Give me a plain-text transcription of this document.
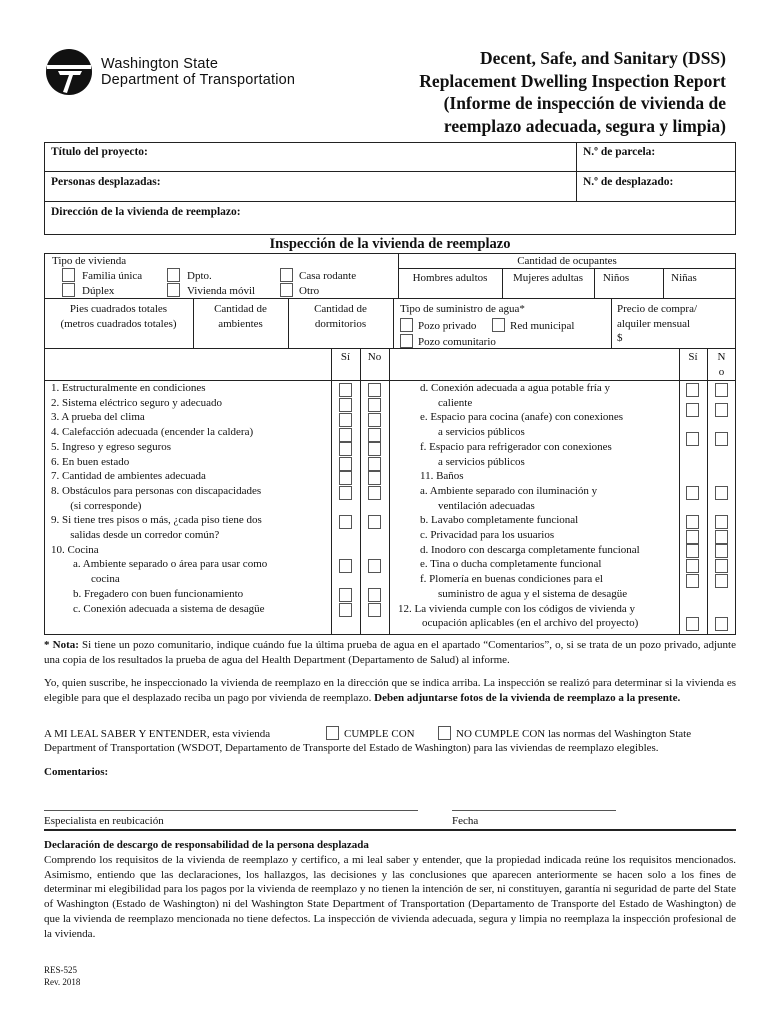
Washington State
Department of Transportation
Decent, Safe, and Sanitary (DSS)
Replacement Dwelling Inspection Report
(Informe de inspección de vivienda de
reemplazo adecuada, segura y limpia)
Título del proyecto:	N.º de parcela:
Personas desplazadas:	N.º de desplazado:
Dirección de la vivienda de reemplazo:
Inspección de la vivienda de reemplazo
Tipo de vivienda
Familia única	Dpto.	Casa rodante
Dúplex	Vivienda móvil	Otro
Cantidad de ocupantes
Hombres adultos	Mujeres adultas	Niños	Niñas
Pies cuadrados totales
(metros cuadrados totales)
Cantidad de
ambientes
Cantidad de
dormitorios
Tipo de suministro de agua*
Pozo privado	Red municipal
Pozo comunitario
Precio de compra/
alquiler mensual
$
Sí	No	Sí	N
o
1. Estructuralmente en condiciones
2. Sistema eléctrico seguro y adecuado
3. A prueba del clima
4. Calefacción adecuada (encender la caldera)
5. Ingreso y egreso seguros
6. En buen estado
7. Cantidad de ambientes adecuada
8. Obstáculos para personas con discapacidades
(si corresponde)
9. Si tiene tres pisos o más, ¿cada piso tiene dos
salidas desde un corredor común?
10. Cocina
a. Ambiente separado o área para usar como
cocina
b. Fregadero con buen funcionamiento
c. Conexión adecuada a sistema de desagüe
d. Conexión adecuada a agua potable fría y
caliente
e. Espacio para cocina (anafe) con conexiones
a servicios públicos
f. Espacio para refrigerador con conexiones
a servicios públicos
11. Baños
a. Ambiente separado con iluminación y
ventilación adecuadas
b. Lavabo completamente funcional
c. Privacidad para los usuarios
d. Inodoro con descarga completamente funcional
e. Tina o ducha completamente funcional
f. Plomería en buenas condiciones para el
suministro de agua y el sistema de desagüe
12. La vivienda cumple con los códigos de vivienda y
ocupación aplicables (en el archivo del proyecto)
* Nota: Si tiene un pozo comunitario, indique cuándo fue la última prueba de agua en el apartado “Comentarios”, o, si se trata de un pozo privado, adjunte una copia de los resultados la prueba de agua del Health Department (Departamento de Salud) al informe.
Yo, quien suscribe, he inspeccionado la vivienda de reemplazo en la dirección que se indica arriba. La inspección se realizó para determinar si la vivienda es elegible para que el desplazado reciba un pago por vivienda de reemplazo. Deben adjuntarse fotos de la vivienda de reemplazo a la presente.
A MI LEAL SABER Y ENTENDER, esta vivienda	CUMPLE CON	NO CUMPLE CON las normas del Washington State
Department of Transportation (WSDOT, Departamento de Transporte del Estado de Washington) para las viviendas de reemplazo elegibles.
Comentarios:
Especialista en reubicación	Fecha
Declaración de descargo de responsabilidad de la persona desplazada
Comprendo los requisitos de la vivienda de reemplazo y certifico, a mi leal saber y entender, que la propiedad indicada reúne los requisitos mencionados. Asimismo, entiendo que las declaraciones, los hallazgos, las decisiones y las conclusiones que aparecen anteriormente se hacen solo a los fines de determinar mi elegibilidad para los pagos por la vivienda de reemplazo y no tienen la intención de ser, ni constituyen, garantía ni seguridad de parte del State of Washington (Estado de Washington) ni del Washington State Department of Transportation (Departamento de Transporte del Estado de Washington) de que la vivienda de reemplazo mencionada no tiene defectos. La inspección de vivienda adecuada, segura y limpia no reemplaza la inspección profesional de la vivienda.
RES-525
Rev. 2018
